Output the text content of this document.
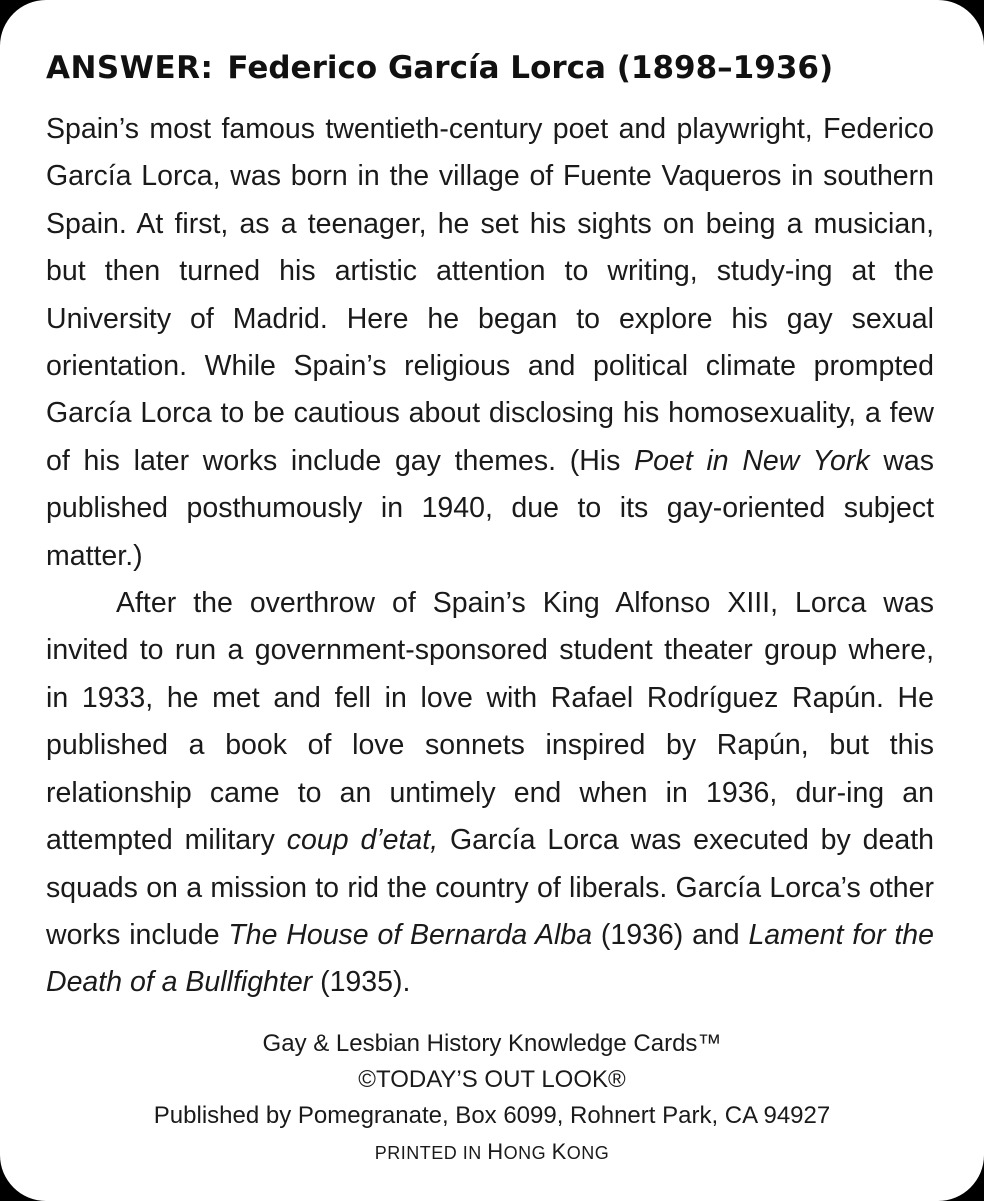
ANSWER: Federico García Lorca (1898–1936)

Spain’s most famous twentieth-century poet and playwright, Federico García Lorca, was born in the village of Fuente Vaqueros in southern Spain. At first, as a teenager, he set his sights on being a musician, but then turned his artistic attention to writing, study-ing at the University of Madrid. Here he began to explore his gay sexual orientation. While Spain’s religious and political climate prompted García Lorca to be cautious about disclosing his homosexuality, a few of his later works include gay themes. (His Poet in New York was published posthumously in 1940, due to its gay-oriented subject matter.)

After the overthrow of Spain’s King Alfonso XIII, Lorca was invited to run a government-sponsored student theater group where, in 1933, he met and fell in love with Rafael Rodríguez Rapún. He published a book of love sonnets inspired by Rapún, but this relationship came to an untimely end when in 1936, dur-ing an attempted military coup d’etat, García Lorca was executed by death squads on a mission to rid the country of liberals. García Lorca’s other works include The House of Bernarda Alba (1936) and Lament for the Death of a Bullfighter (1935).

Gay & Lesbian History Knowledge Cards™
©TODAY’S OUT LOOK®
Published by Pomegranate, Box 6099, Rohnert Park, CA 94927
PRINTED IN HONG KONG
